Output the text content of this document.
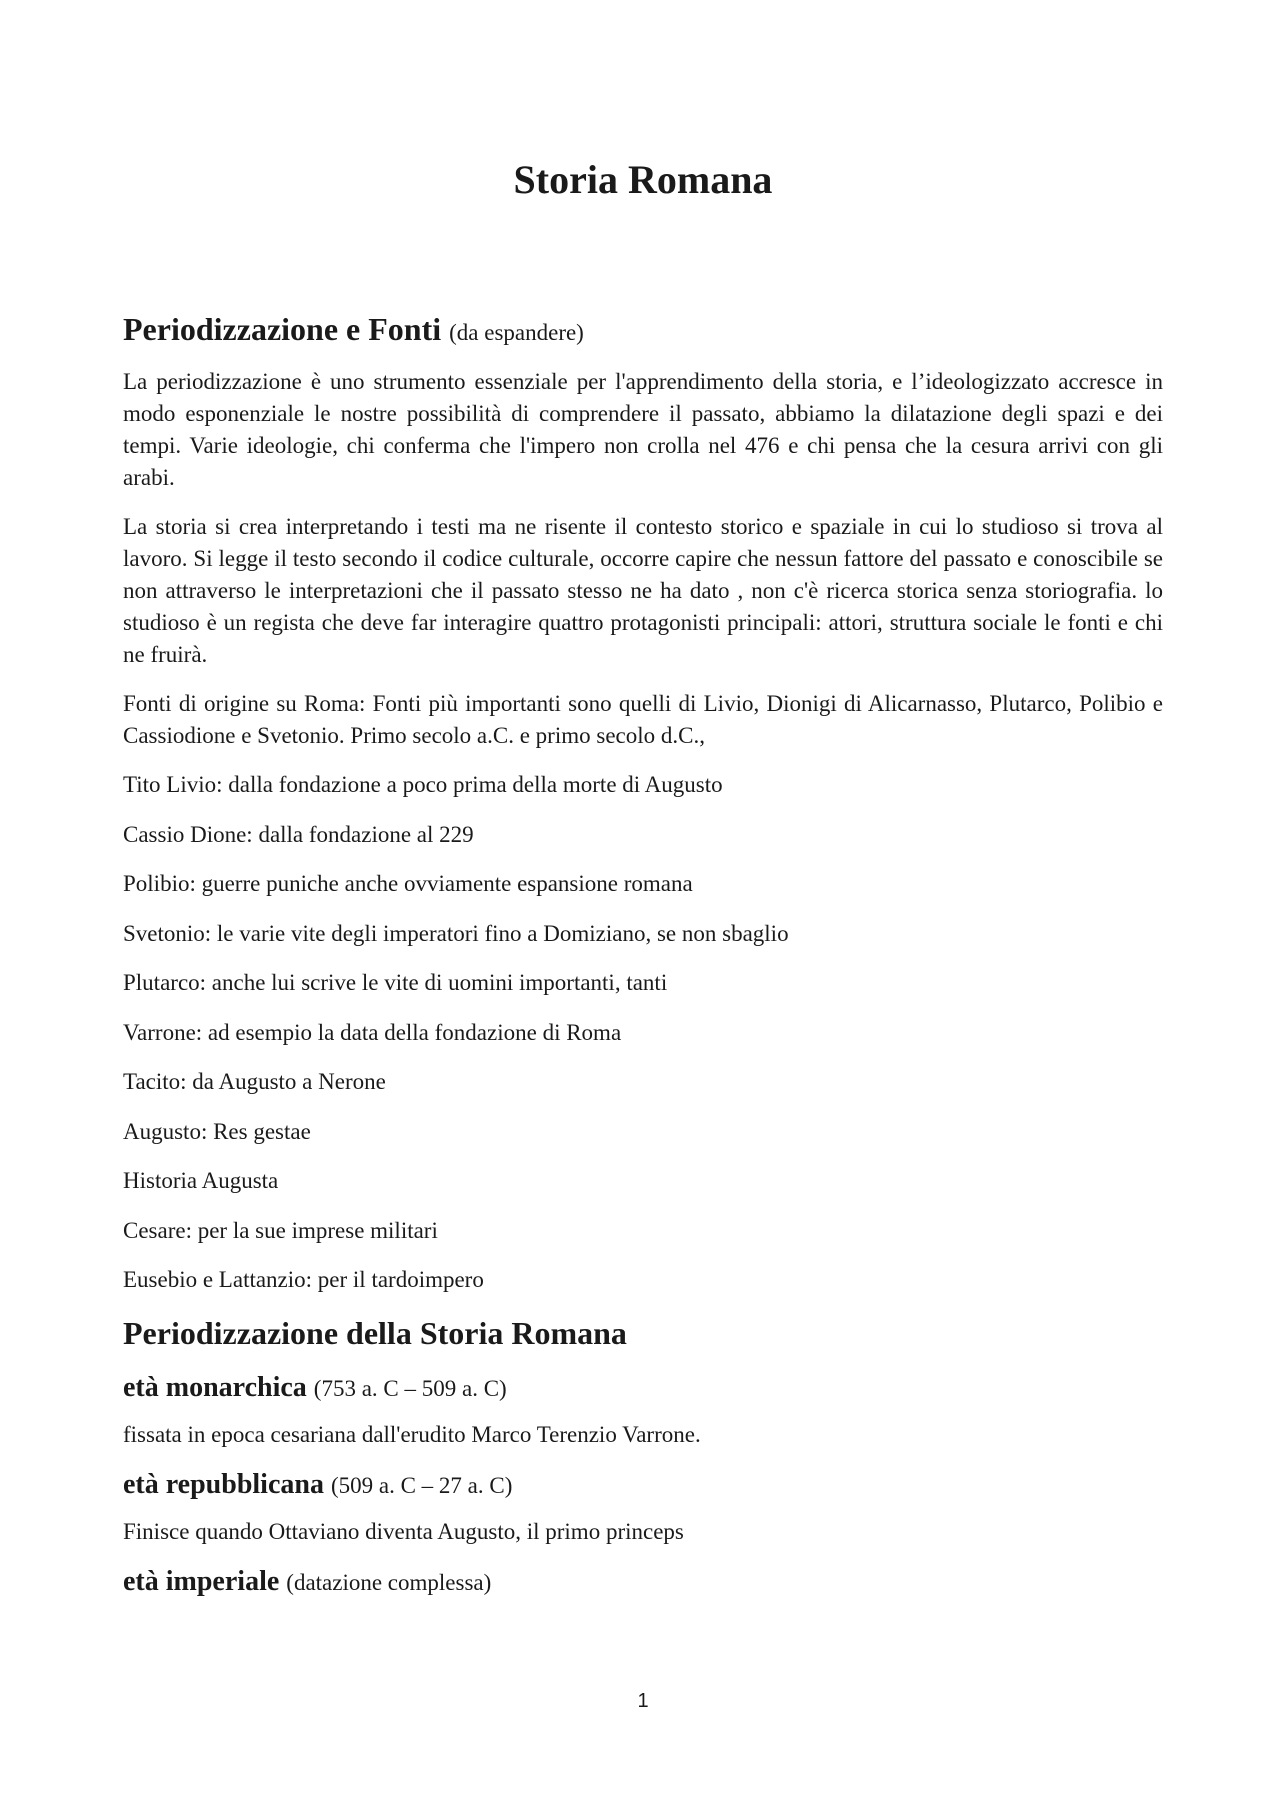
Storia Romana
Periodizzazione e Fonti (da espandere)

La periodizzazione è uno strumento essenziale per l'apprendimento della storia, e l’ideologizzato accresce in modo esponenziale le nostre possibilità di comprendere il passato, abbiamo la dilatazione degli spazi e dei tempi. Varie ideologie, chi conferma che l'impero non crolla nel 476 e chi pensa che la cesura arrivi con gli arabi.

La storia si crea interpretando i testi ma ne risente il contesto storico e spaziale in cui lo studioso si trova al lavoro. Si legge il testo secondo il codice culturale, occorre capire che nessun fattore del passato e conoscibile se non attraverso le interpretazioni che il passato stesso ne ha dato , non c'è ricerca storica senza storiografia. lo studioso è un regista che deve far interagire quattro protagonisti principali: attori, struttura sociale le fonti e chi ne fruirà.

Fonti di origine su Roma: Fonti più importanti sono quelli di Livio, Dionigi di Alicarnasso, Plutarco, Polibio e Cassiodione e Svetonio. Primo secolo a.C. e primo secolo d.C.,

Tito Livio: dalla fondazione a poco prima della morte di Augusto

Cassio Dione: dalla fondazione al 229

Polibio: guerre puniche anche ovviamente espansione romana

Svetonio: le varie vite degli imperatori fino a Domiziano, se non sbaglio

Plutarco: anche lui scrive le vite di uomini importanti, tanti

Varrone: ad esempio la data della fondazione di Roma

Tacito: da Augusto a Nerone

Augusto: Res gestae

Historia Augusta

Cesare: per la sue imprese militari

Eusebio e Lattanzio: per il tardoimpero

Periodizzazione della Storia Romana
età monarchica (753 a. C – 509 a. C)

fissata in epoca cesariana dall'erudito Marco Terenzio Varrone.

età repubblicana (509 a. C – 27 a. C)

Finisce quando Ottaviano diventa Augusto, il primo princeps

età imperiale (datazione complessa)
1
